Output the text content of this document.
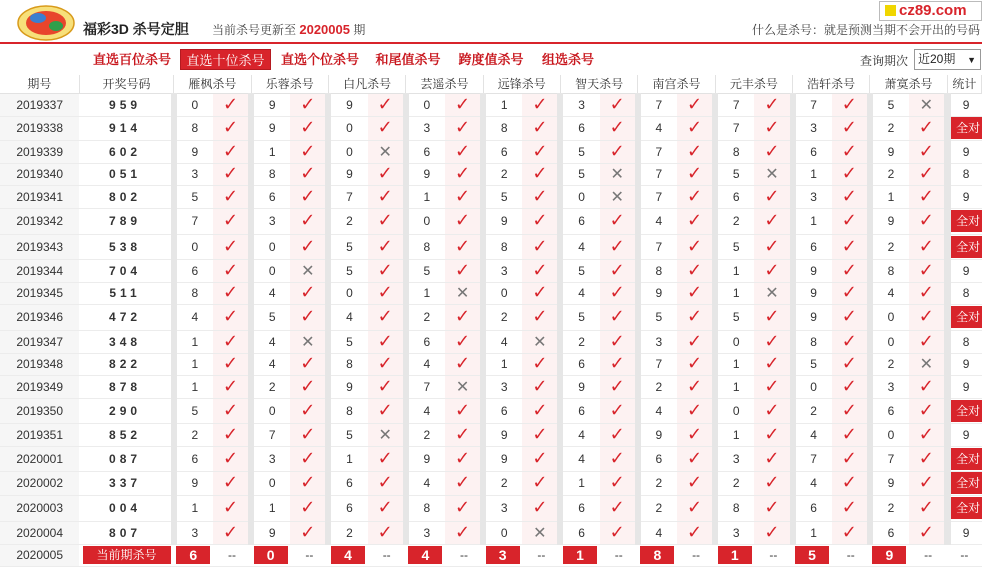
福彩3D 杀号定胆 当前杀号更新至 2020005 期
cz89.com
什么是杀号：就是预测当期不会开出的号码
直选百位杀号	直选十位杀号	直选个位杀号 和尾值杀号 跨度值杀号	组选杀号	查询期次 近20期 ▼
期号	开奖号码	雁枫杀号		乐蓉杀号		白凡杀号		芸遥杀号		远锋杀号		智天杀号		南宫杀号		元丰杀号		浩轩杀号		萧寞杀号		统计
2019337	959	0	✓	9	✓	9	✓	0	✓	1	✓	3	✓	7	✓	7	✓	7	✓	5	✕	9
2019338	914	8	✓	9	✓	0	✓	3	✓	8	✓	6	✓	4	✓	7	✓	3	✓	2	✓	全对
2019339	602	9	✓	1	✓	0	✕	6	✓	6	✓	5	✓	7	✓	8	✓	6	✓	9	✓	9
2019340	051	3	✓	8	✓	9	✓	9	✓	2	✓	5	✕	7	✓	5	✕	1	✓	2	✓	8
2019341	802	5	✓	6	✓	7	✓	1	✓	5	✓	0	✕	7	✓	6	✓	3	✓	1	✓	9
2019342	789	7	✓	3	✓	2	✓	0	✓	9	✓	6	✓	4	✓	2	✓	1	✓	9	✓	全对
2019343	538	0	✓	0	✓	5	✓	8	✓	8	✓	4	✓	7	✓	5	✓	6	✓	2	✓	全对
2019344	704	6	✓	0	✕	5	✓	5	✓	3	✓	5	✓	8	✓	1	✓	9	✓	8	✓	9
2019345	511	8	✓	4	✓	0	✓	1	✕	0	✓	4	✓	9	✓	1	✕	9	✓	4	✓	8
2019346	472	4	✓	5	✓	4	✓	2	✓	2	✓	5	✓	5	✓	5	✓	9	✓	0	✓	全对
2019347	348	1	✓	4	✕	5	✓	6	✓	4	✕	2	✓	3	✓	0	✓	8	✓	0	✓	8
2019348	822	1	✓	4	✓	8	✓	4	✓	1	✓	6	✓	7	✓	1	✓	5	✓	2	✕	9
2019349	878	1	✓	2	✓	9	✓	7	✕	3	✓	9	✓	2	✓	1	✓	0	✓	3	✓	9
2019350	290	5	✓	0	✓	8	✓	4	✓	6	✓	6	✓	4	✓	0	✓	2	✓	6	✓	全对
2019351	852	2	✓	7	✓	5	✕	2	✓	9	✓	4	✓	9	✓	1	✓	4	✓	0	✓	9
2020001	087	6	✓	3	✓	1	✓	9	✓	9	✓	4	✓	6	✓	3	✓	7	✓	7	✓	全对
2020002	337	9	✓	0	✓	6	✓	4	✓	2	✓	1	✓	2	✓	2	✓	4	✓	9	✓	全对
2020003	004	1	✓	1	✓	6	✓	8	✓	3	✓	6	✓	2	✓	8	✓	6	✓	2	✓	全对
2020004	807	3	✓	9	✓	2	✓	3	✓	0	✕	6	✓	4	✓	3	✓	1	✓	6	✓	9
2020005	当前期杀号	6	--	0	--	4	--	4	--	3	--	1	--	8	--	1	--	5	--	9	--	--
